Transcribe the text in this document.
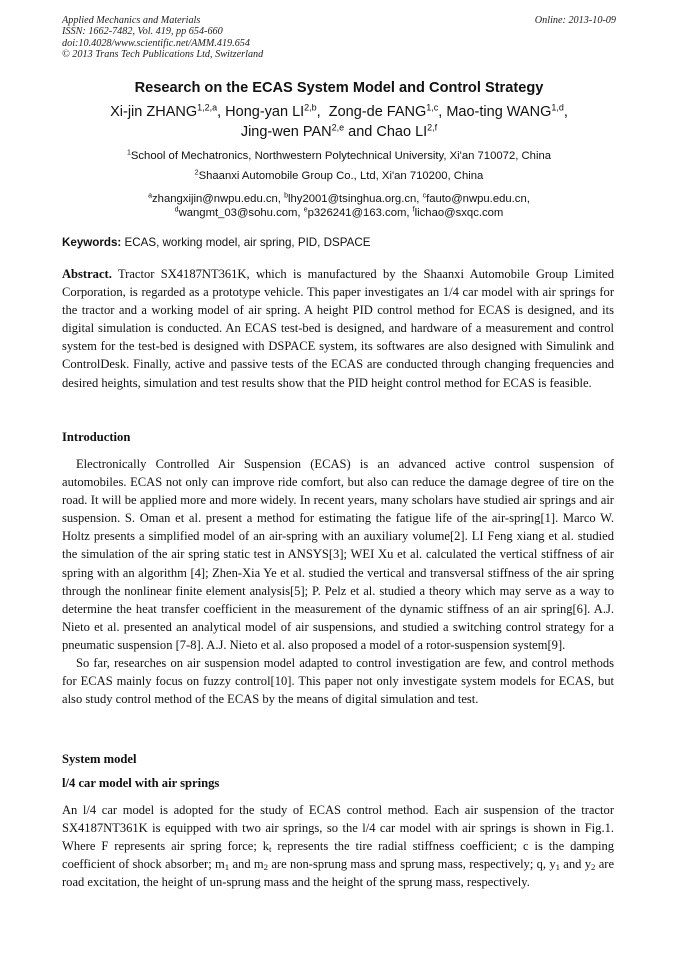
Applied Mechanics and Materials
ISSN: 1662-7482, Vol. 419, pp 654-660
doi:10.4028/www.scientific.net/AMM.419.654
© 2013 Trans Tech Publications Ltd, Switzerland
Online: 2013-10-09
Research on the ECAS System Model and Control Strategy
Xi-jin ZHANG$^{1,2,a}$, Hong-yan LI$^{2,b}$,  Zong-de FANG$^{1,c}$, Mao-ting WANG$^{1,d}$,
Jing-wen PAN$^{2,e}$ and Chao LI$^{2,f}$
$^1$School of Mechatronics, Northwestern Polytechnical University, Xi'an 710072, China
$^2$Shaanxi Automobile Group Co., Ltd, Xi'an 710200, China
$^a$zhangxijin@nwpu.edu.cn, $^b$lhy2001@tsinghua.org.cn, $^c$fauto@nwpu.edu.cn,
$^d$wangmt_03@sohu.com, $^e$p326241@163.com, $^f$lichao@sxqc.com
Keywords: ECAS, working model, air spring, PID, DSPACE

Abstract. Tractor SX4187NT361K, which is manufactured by the Shaanxi Automobile Group Limited Corporation, is regarded as a prototype vehicle. This paper investigates an 1/4 car model with air springs for the tractor and a working model of air spring. A height PID control method for ECAS is designed, and its digital simulation is conducted. An ECAS test-bed is designed, and hardware of a measurement and control system for the test-bed is designed with DSPACE system, its softwares are also designed with Simulink and ControlDesk. Finally, active and passive tests of the ECAS are conducted through changing frequencies and desired heights, simulation and test results show that the PID height control method for ECAS is feasible.

Introduction

Electronically Controlled Air Suspension (ECAS) is an advanced active control suspension of automobiles. ECAS not only can improve ride comfort, but also can reduce the damage degree of tire on the road. It will be applied more and more widely. In recent years, many scholars have studied air springs and air suspension. S. Oman et al. present a method for estimating the fatigue life of the air-spring[1]. Marco W. Holtz presents a simplified model of an air-spring with an auxiliary volume[2]. LI Feng xiang et al. studied the simulation of the air spring static test in ANSYS[3]; WEI Xu et al. calculated the vertical stiffness of air spring with an algorithm [4]; Zhen-Xia Ye et al. studied the vertical and transversal stiffness of the air spring through the nonlinear finite element analysis[5]; P. Pelz et al. studied a theory which may serve as a way to determine the heat transfer coefficient in the measurement of the dynamic stiffness of an air spring[6]. A.J. Nieto et al. presented an analytical model of air suspensions, and studied a switching control strategy for a pneumatic suspension [7-8]. A.J. Nieto et al. also proposed a model of a rotor-suspension system[9].

So far, researches on air suspension model adapted to control investigation are few, and control methods for ECAS mainly focus on fuzzy control[10]. This paper not only investigate system models for ECAS, but also study control method of the ECAS by the means of digital simulation and test.

System model
l/4 car model with air springs

An l/4 car model is adopted for the study of ECAS control method. Each air suspension of the tractor SX4187NT361K is equipped with two air springs, so the l/4 car model with air springs is shown in Fig.1. Where F represents air spring force; $k_t$ represents the tire radial stiffness coefficient; c is the damping coefficient of shock absorber; $m_1$ and $m_2$ are non-sprung mass and sprung mass, respectively; q, $y_1$ and $y_2$ are road excitation, the height of un-sprung mass and the height of the sprung mass, respectively.
